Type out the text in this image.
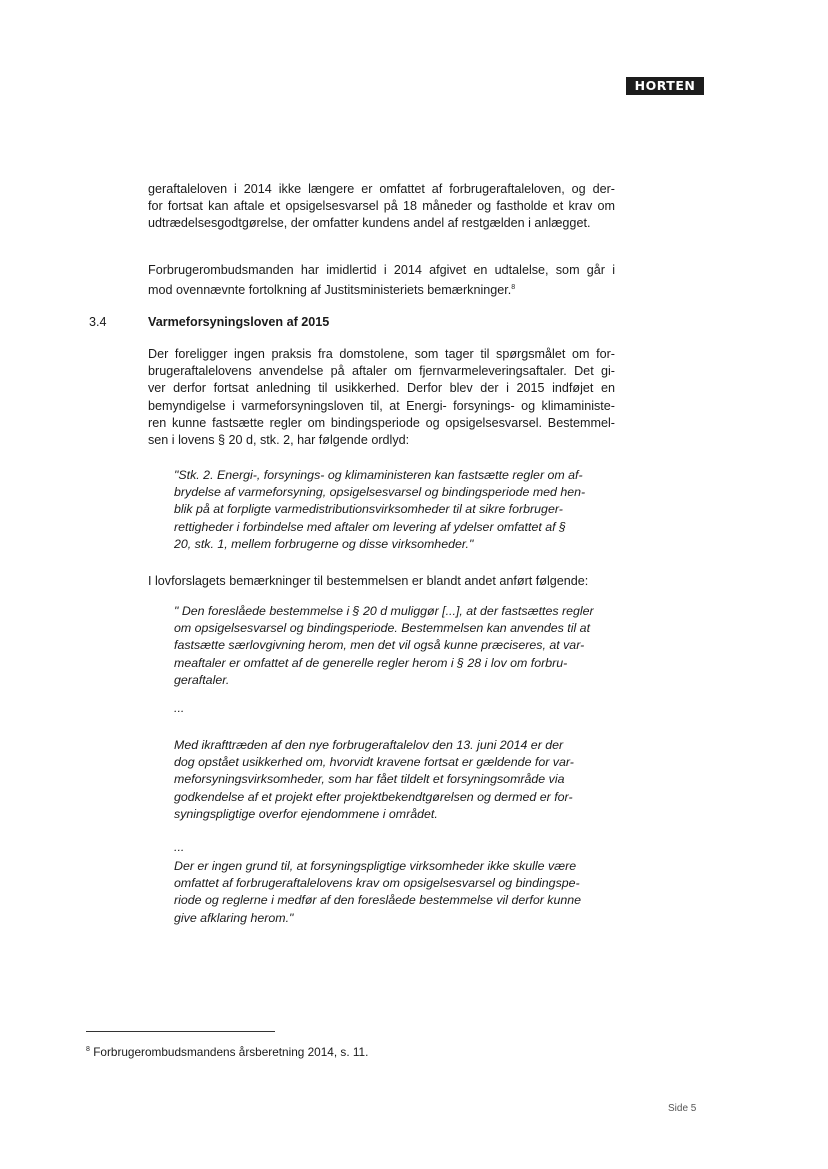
HORTEN
geraftaleloven i 2014 ikke længere er omfattet af forbrugeraftaleloven, og der-
for fortsat kan aftale et opsigelsesvarsel på 18 måneder og fastholde et krav om
udtrædelsesgodtgørelse, der omfatter kundens andel af restgælden i anlægget.
Forbrugerombudsmanden har imidlertid i 2014 afgivet en udtalelse, som går i
mod ovennævnte fortolkning af Justitsministeriets bemærkninger.$^8$
3.4	Varmeforsyningsloven af 2015
Der foreligger ingen praksis fra domstolene, som tager til spørgsmålet om for-
brugeraftalelovens anvendelse på aftaler om fjernvarmeleveringsaftaler. Det gi-
ver derfor fortsat anledning til usikkerhed. Derfor blev der i 2015 indføjet en
bemyndigelse i varmeforsyningsloven til, at Energi- forsynings- og klimaministe-
ren kunne fastsætte regler om bindingsperiode og opsigelsesvarsel. Bestemmel-
sen i lovens § 20 d, stk. 2, har følgende ordlyd:
"Stk. 2. Energi-, forsynings- og klimaministeren kan fastsætte regler om af-
brydelse af varmeforsyning, opsigelsesvarsel og bindingsperiode med hen-
blik på at forpligte varmedistributionsvirksomheder til at sikre forbruger-
rettigheder i forbindelse med aftaler om levering af ydelser omfattet af §
20, stk. 1, mellem forbrugerne og disse virksomheder."
I lovforslagets bemærkninger til bestemmelsen er blandt andet anført følgende:
" Den foreslåede bestemmelse i § 20 d muliggør [...], at der fastsættes regler
om opsigelsesvarsel og bindingsperiode. Bestemmelsen kan anvendes til at
fastsætte særlovgivning herom, men det vil også kunne præciseres, at var-
meaftaler er omfattet af de generelle regler herom i § 28 i lov om forbru-
geraftaler.
...
Med ikrafttræden af den nye forbrugeraftalelov den 13. juni 2014 er der
dog opstået usikkerhed om, hvorvidt kravene fortsat er gældende for var-
meforsyningsvirksomheder, som har fået tildelt et forsyningsområde via
godkendelse af et projekt efter projektbekendtgørelsen og dermed er for-
syningspligtige overfor ejendommene i området.
...
Der er ingen grund til, at forsyningspligtige virksomheder ikke skulle være
omfattet af forbrugeraftalelovens krav om opsigelsesvarsel og bindingspe-
riode og reglerne i medfør af den foreslåede bestemmelse vil derfor kunne
give afklaring herom."
$^8$ Forbrugerombudsmandens årsberetning 2014, s. 11.
Side 5
